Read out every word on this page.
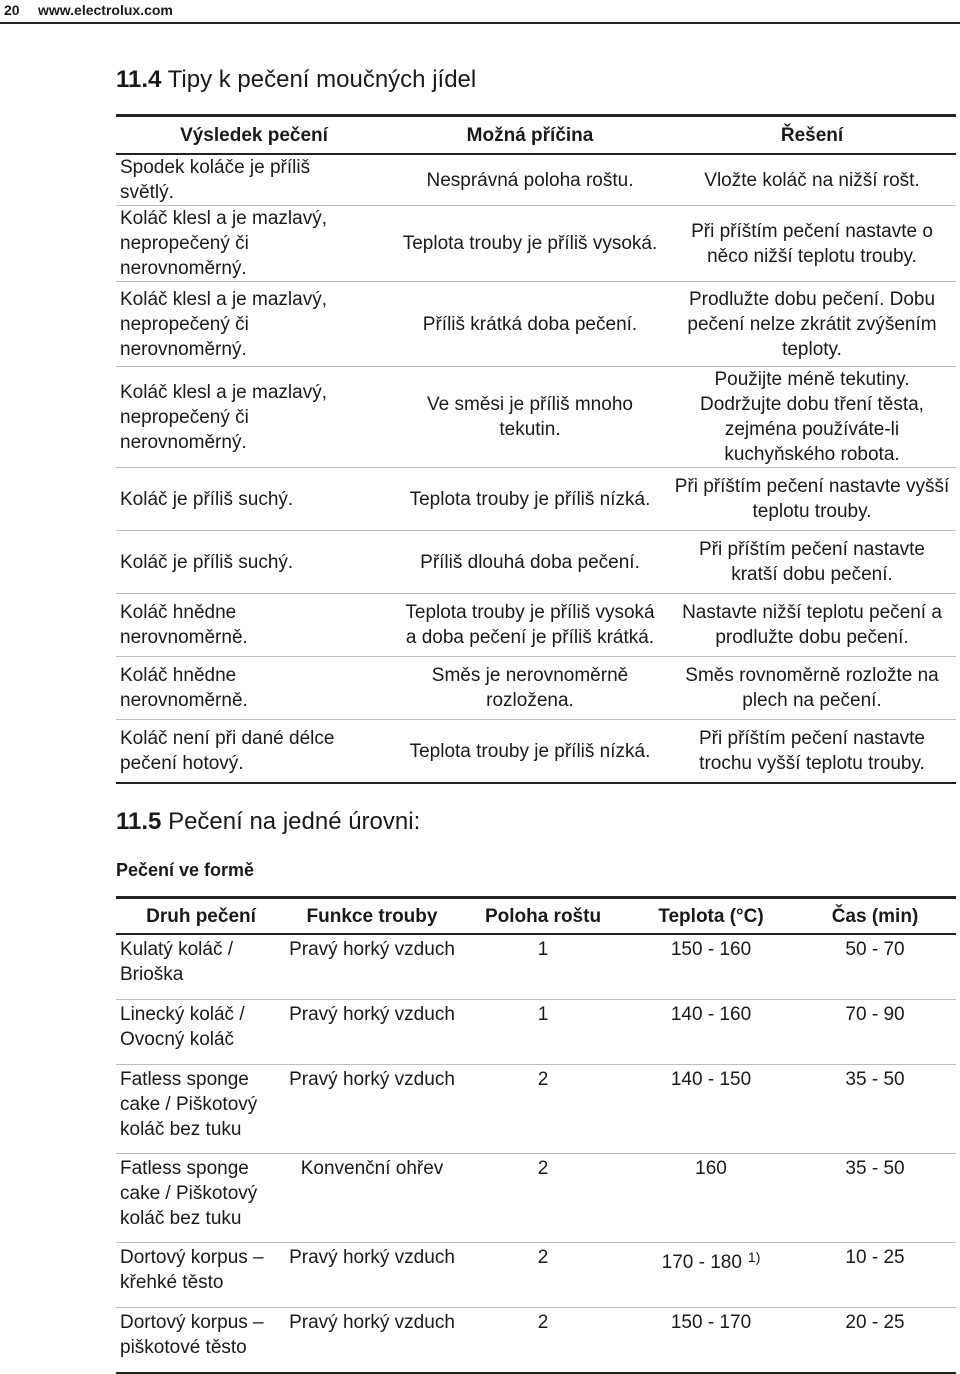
20 www.electrolux.com
11.4 Tipy k pečení moučných jídel
Výsledek pečení	Možná příčina	Řešení
Spodek koláče je příliš světlý.	Nesprávná poloha roštu.	Vložte koláč na nižší rošt.
Koláč klesl a je mazlavý, nepropečený či nerovnoměrný.	Teplota trouby je příliš vysoká.	Při příštím pečení nastavte o něco nižší teplotu trouby.
Koláč klesl a je mazlavý, nepropečený či nerovnoměrný.	Příliš krátká doba pečení.	Prodlužte dobu pečení. Dobu pečení nelze zkrátit zvýšením teploty.
Koláč klesl a je mazlavý, nepropečený či nerovnoměrný.	Ve směsi je příliš mnoho tekutin.	Použijte méně tekutiny. Dodržujte dobu tření těsta, zejména používáte-li kuchyňského robota.
Koláč je příliš suchý.	Teplota trouby je příliš nízká.	Při příštím pečení nastavte vyšší teplotu trouby.
Koláč je příliš suchý.	Příliš dlouhá doba pečení.	Při příštím pečení nastavte kratší dobu pečení.
Koláč hnědne nerovnoměrně.	Teplota trouby je příliš vysoká a doba pečení je příliš krátká.	Nastavte nižší teplotu pečení a prodlužte dobu pečení.
Koláč hnědne nerovnoměrně.	Směs je nerovnoměrně rozložena.	Směs rovnoměrně rozložte na plech na pečení.
Koláč není při dané délce pečení hotový.	Teplota trouby je příliš nízká.	Při příštím pečení nastavte trochu vyšší teplotu trouby.
11.5 Pečení na jedné úrovni:
Pečení ve formě
Druh pečení	Funkce trouby	Poloha roštu	Teplota (°C)	Čas (min)
Kulatý koláč / Brioška	Pravý horký vzduch	1	150 - 160	50 - 70
Linecký koláč / Ovocný koláč	Pravý horký vzduch	1	140 - 160	70 - 90
Fatless sponge cake / Piškotový koláč bez tuku	Pravý horký vzduch	2	140 - 150	35 - 50
Fatless sponge cake / Piškotový koláč bez tuku	Konvenční ohřev	2	160	35 - 50
Dortový korpus – křehké těsto	Pravý horký vzduch	2	170 - 180 $^{1)}$	10 - 25
Dortový korpus – piškotové těsto	Pravý horký vzduch	2	150 - 170	20 - 25
